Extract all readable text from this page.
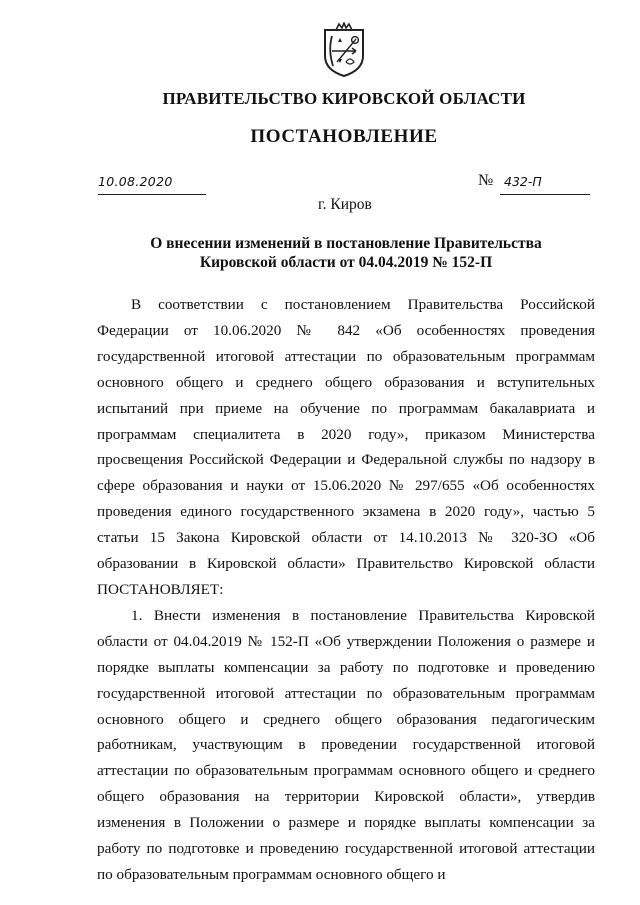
ПРАВИТЕЛЬСТВО КИРОВСКОЙ ОБЛАСТИ
ПОСТАНОВЛЕНИЕ
10.08.2020	№ 432-П
г. Киров
О внесении изменений в постановление Правительства
Кировской области от 04.04.2019 № 152-П

В соответствии с постановлением Правительства Российской Федерации от 10.06.2020 № 842 «Об особенностях проведения государственной итоговой аттестации по образовательным программам основного общего и среднего общего образования и вступительных испытаний при приеме на обучение по программам бакалавриата и программам специалитета в 2020 году», приказом Министерства просвещения Российской Федерации и Федеральной службы по надзору в сфере образования и науки от 15.06.2020 № 297/655 «Об особенностях проведения единого государственного экзамена в 2020 году», частью 5 статьи 15 Закона Кировской области от 14.10.2013 № 320-ЗО «Об образовании в Кировской области» Правительство Кировской области ПОСТАНОВЛЯЕТ:

1. Внести изменения в постановление Правительства Кировской области от 04.04.2019 № 152-П «Об утверждении Положения о размере и порядке выплаты компенсации за работу по подготовке и проведению государственной итоговой аттестации по образовательным программам основного общего и среднего общего образования педагогическим работникам, участвующим в проведении государственной итоговой аттестации по образовательным программам основного общего и среднего общего образования на территории Кировской области», утвердив изменения в Положении о размере и порядке выплаты компенсации за работу по подготовке и проведению государственной итоговой аттестации по образовательным программам основного общего и
